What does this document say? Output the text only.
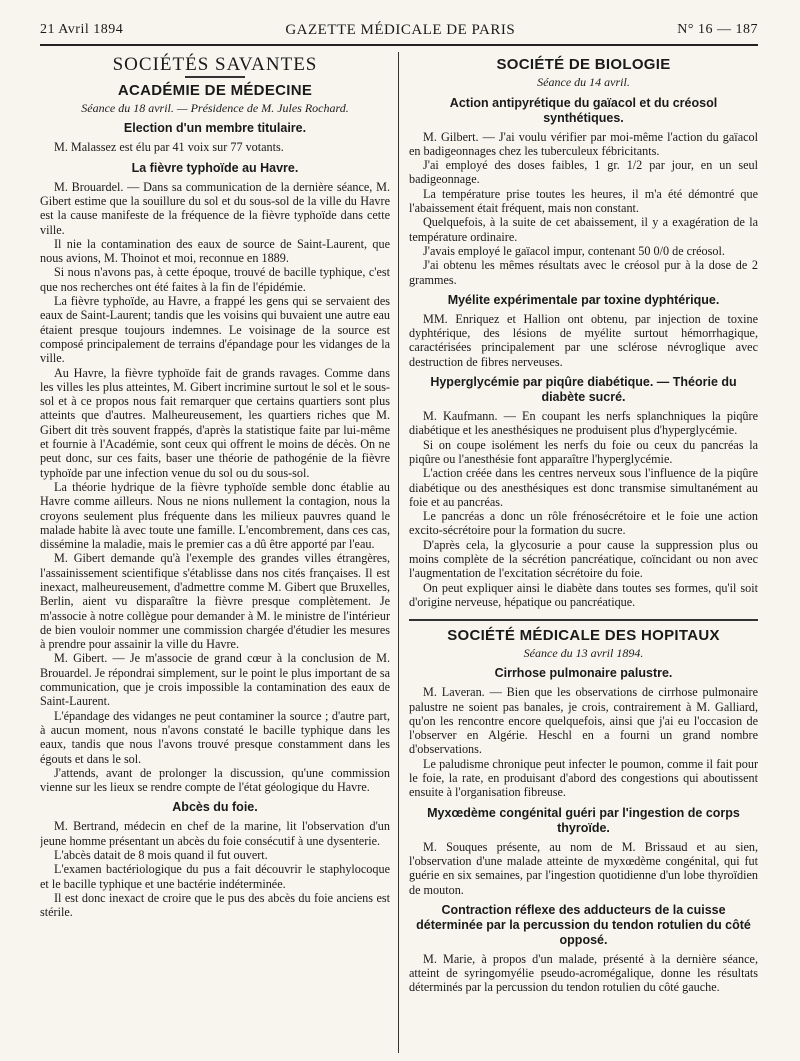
21 Avril 1894	GAZETTE MÉDICALE DE PARIS	N° 16 — 187
SOCIÉTÉS SAVANTES
ACADÉMIE DE MÉDECINE
Séance du 18 avril. — Présidence de M. Jules Rochard.
Election d'un membre titulaire.

M. Malassez est élu par 41 voix sur 77 votants.

La fièvre typhoïde au Havre.

M. Brouardel. — Dans sa communication de la dernière séance, M. Gibert estime que la souillure du sol et du sous-sol de la ville du Havre est la cause manifeste de la fréquence de la fièvre typhoïde dans cette ville.

Il nie la contamination des eaux de source de Saint-Laurent, que nous avions, M. Thoinot et moi, reconnue en 1889.

Si nous n'avons pas, à cette époque, trouvé de bacille typhique, c'est que nos recherches ont été faites à la fin de l'épidémie.

La fièvre typhoïde, au Havre, a frappé les gens qui se servaient des eaux de Saint-Laurent; tandis que les voisins qui buvaient une autre eau étaient presque toujours indemnes. Le voisinage de la source est composé principalement de terrains d'épandage pour les vidanges de la ville.

Au Havre, la fièvre typhoïde fait de grands ravages. Comme dans les villes les plus atteintes, M. Gibert incrimine surtout le sol et le sous-sol et à ce propos nous fait remarquer que certains quartiers sont plus atteints que d'autres. Malheureusement, les quartiers riches que M. Gibert dit très souvent frappés, d'après la statistique faite par lui-même et fournie à l'Académie, sont ceux qui offrent le moins de décès. On ne peut donc, sur ces faits, baser une théorie de pathogénie de la fièvre typhoïde par une infection venue du sol ou du sous-sol.

La théorie hydrique de la fièvre typhoïde semble donc établie au Havre comme ailleurs. Nous ne nions nullement la contagion, nous la croyons seulement plus fréquente dans les milieux pauvres quand le malade habite là avec toute une famille. L'encombrement, dans ces cas, dissémine la maladie, mais le premier cas a dû être apporté par l'eau.

M. Gibert demande qu'à l'exemple des grandes villes étrangères, l'assainissement scientifique s'établisse dans nos cités françaises. Il est inexact, malheureusement, d'admettre comme M. Gibert que Bruxelles, Berlin, aient vu disparaître la fièvre presque complètement. Je m'associe à notre collègue pour demander à M. le ministre de l'intérieur de bien vouloir nommer une commission chargée d'étudier les mesures à prendre pour assainir la ville du Havre.

M. Gibert. — Je m'associe de grand cœur à la conclusion de M. Brouardel. Je répondrai simplement, sur le point le plus important de sa communication, que je crois impossible la contamination des eaux de Saint-Laurent.

L'épandage des vidanges ne peut contaminer la source ; d'autre part, à aucun moment, nous n'avons constaté le bacille typhique dans les eaux, tandis que nous l'avons trouvé presque constamment dans les égouts et dans le sol.

J'attends, avant de prolonger la discussion, qu'une commission vienne sur les lieux se rendre compte de l'état géologique du Havre.

Abcès du foie.

M. Bertrand, médecin en chef de la marine, lit l'observation d'un jeune homme présentant un abcès du foie consécutif à une dysenterie.

L'abcès datait de 8 mois quand il fut ouvert.

L'examen bactériologique du pus a fait découvrir le staphylocoque et le bacille typhique et une bactérie indéterminée.

Il est donc inexact de croire que le pus des abcès du foie anciens est stérile.

SOCIÉTÉ DE BIOLOGIE
Séance du 14 avril.
Action antipyrétique du gaïacol et du créosol synthétiques.

M. Gilbert. — J'ai voulu vérifier par moi-même l'action du gaïacol en badigeonnages chez les tuberculeux fébricitants.

J'ai employé des doses faibles, 1 gr. 1/2 par jour, en un seul badigeonnage.

La température prise toutes les heures, il m'a été démontré que l'abaissement était fréquent, mais non constant.

Quelquefois, à la suite de cet abaissement, il y a exagération de la température ordinaire.

J'avais employé le gaïacol impur, contenant 50 0/0 de créosol.

J'ai obtenu les mêmes résultats avec le créosol pur à la dose de 2 grammes.

Myélite expérimentale par toxine dyphtérique.

MM. Enriquez et Hallion ont obtenu, par injection de toxine dyphtérique, des lésions de myélite surtout hémorrhagique, caractérisées principalement par une sclérose névroglique avec destruction de fibres nerveuses.

Hyperglycémie par piqûre diabétique. — Théorie du diabète sucré.

M. Kaufmann. — En coupant les nerfs splanchniques la piqûre diabétique et les anesthésiques ne produisent plus d'hyperglycémie.

Si on coupe isolément les nerfs du foie ou ceux du pancréas la piqûre ou l'anesthésie font apparaître l'hyperglycémie.

L'action créée dans les centres nerveux sous l'influence de la piqûre diabétique ou des anesthésiques est donc transmise simultanément au foie et au pancréas.

Le pancréas a donc un rôle frénosécrétoire et le foie une action excito-sécrétoire pour la formation du sucre.

D'après cela, la glycosurie a pour cause la suppression plus ou moins complète de la sécrétion pancréatique, coïncidant ou non avec l'augmentation de l'excitation sécrétoire du foie.

On peut expliquer ainsi le diabète dans toutes ses formes, qu'il soit d'origine nerveuse, hépatique ou pancréatique.

SOCIÉTÉ MÉDICALE DES HOPITAUX
Séance du 13 avril 1894.
Cirrhose pulmonaire palustre.

M. Laveran. — Bien que les observations de cirrhose pulmonaire palustre ne soient pas banales, je crois, contrairement à M. Galliard, qu'on les rencontre encore quelquefois, ainsi que j'ai eu l'occasion de l'observer en Algérie. Heschl en a fourni un grand nombre d'observations.

Le paludisme chronique peut infecter le poumon, comme il fait pour le foie, la rate, en produisant d'abord des congestions qui aboutissent ensuite à l'organisation fibreuse.

Myxœdème congénital guéri par l'ingestion de corps thyroïde.

M. Souques présente, au nom de M. Brissaud et au sien, l'observation d'une malade atteinte de myxœdème congénital, qui fut guérie en six semaines, par l'ingestion quotidienne d'un lobe thyroïdien de mouton.

Contraction réflexe des adducteurs de la cuisse déterminée par la percussion du tendon rotulien du côté opposé.

M. Marie, à propos d'un malade, présenté à la dernière séance, atteint de syringomyélie pseudo-acromégalique, donne les résultats déterminés par la percussion du tendon rotulien du côté gauche.
